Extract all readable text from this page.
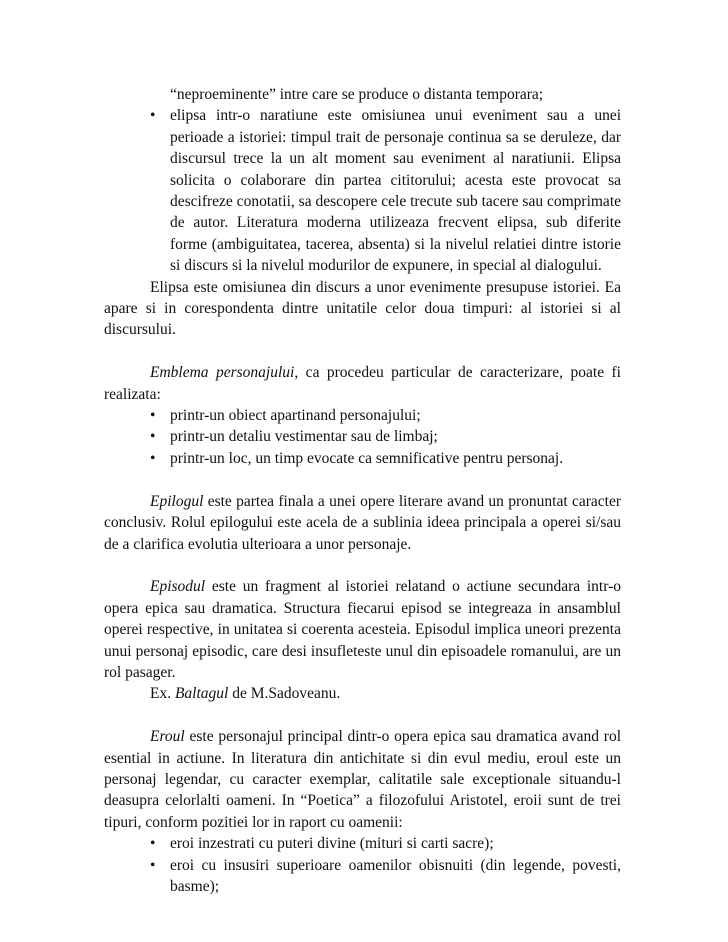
“neproeminente” intre care se produce o distanta temporara;

• elipsa intr-o naratiune este omisiunea unui eveniment sau a unei perioade a istoriei: timpul trait de personaje continua sa se deruleze, dar discursul trece la un alt moment sau eveniment al naratiunii. Elipsa solicita o colaborare din partea cititorului; acesta este provocat sa descifreze conotatii, sa descopere cele trecute sub tacere sau comprimate de autor. Literatura moderna utilizeaza frecvent elipsa, sub diferite forme (ambiguitatea, tacerea, absenta) si la nivelul relatiei dintre istorie si discurs si la nivelul modurilor de expunere, in special al dialogului.

Elipsa este omisiunea din discurs a unor evenimente presupuse istoriei. Ea apare si in corespondenta dintre unitatile celor doua timpuri: al istoriei si al discursului.

Emblema personajului, ca procedeu particular de caracterizare, poate fi realizata:

• printr-un obiect apartinand personajului;
• printr-un detaliu vestimentar sau de limbaj;
• printr-un loc, un timp evocate ca semnificative pentru personaj.

Epilogul este partea finala a unei opere literare avand un pronuntat caracter conclusiv. Rolul epilogului este acela de a sublinia ideea principala a operei si/sau de a clarifica evolutia ulterioara a unor personaje.

Episodul este un fragment al istoriei relatand o actiune secundara intr-o opera epica sau dramatica. Structura fiecarui episod se integreaza in ansamblul operei respective, in unitatea si coerenta acesteia. Episodul implica uneori prezenta unui personaj episodic, care desi insufleteste unul din episoadele romanului, are un rol pasager.

Ex. Baltagul de M.Sadoveanu.

Eroul este personajul principal dintr-o opera epica sau dramatica avand rol esential in actiune. In literatura din antichitate si din evul mediu, eroul este un personaj legendar, cu caracter exemplar, calitatile sale exceptionale situandu-l deasupra celorlalti oameni. In “Poetica” a filozofului Aristotel, eroii sunt de trei tipuri, conform pozitiei lor in raport cu oamenii:

• eroi inzestrati cu puteri divine (mituri si carti sacre);
• eroi cu insusiri superioare oamenilor obisnuiti (din legende, povesti, basme);
